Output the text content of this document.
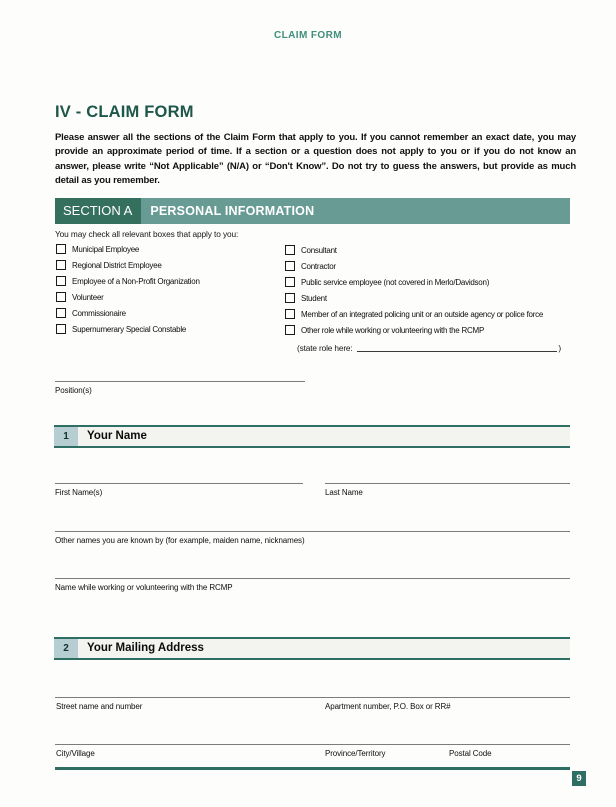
CLAIM FORM
IV - CLAIM FORM

Please answer all the sections of the Claim Form that apply to you. If you cannot remember an exact date, you may provide an approximate period of time. If a section or a question does not apply to you or if you do not know an answer, please write “Not Applicable” (N/A) or “Don't Know”. Do not try to guess the answers, but provide as much detail as you remember.

SECTION A	PERSONAL INFORMATION
You may check all relevant boxes that apply to you:
Municipal Employee
Regional District Employee
Employee of a Non-Profit Organization
Volunteer
Commissionaire
Supernumerary Special Constable
Consultant
Contractor
Public service employee (not covered in Merlo/Davidson)
Student
Member of an integrated policing unit or an outside agency or police force
Other role while working or volunteering with the RCMP
(state role here:	)
Position(s)
1	Your Name
First Name(s)	Last Name
Other names you are known by (for example, maiden name, nicknames)
Name while working or volunteering with the RCMP
2	Your Mailing Address
Street name and number	Apartment number, P.O. Box or RR#
City/Village	Province/Territory	Postal Code
9
